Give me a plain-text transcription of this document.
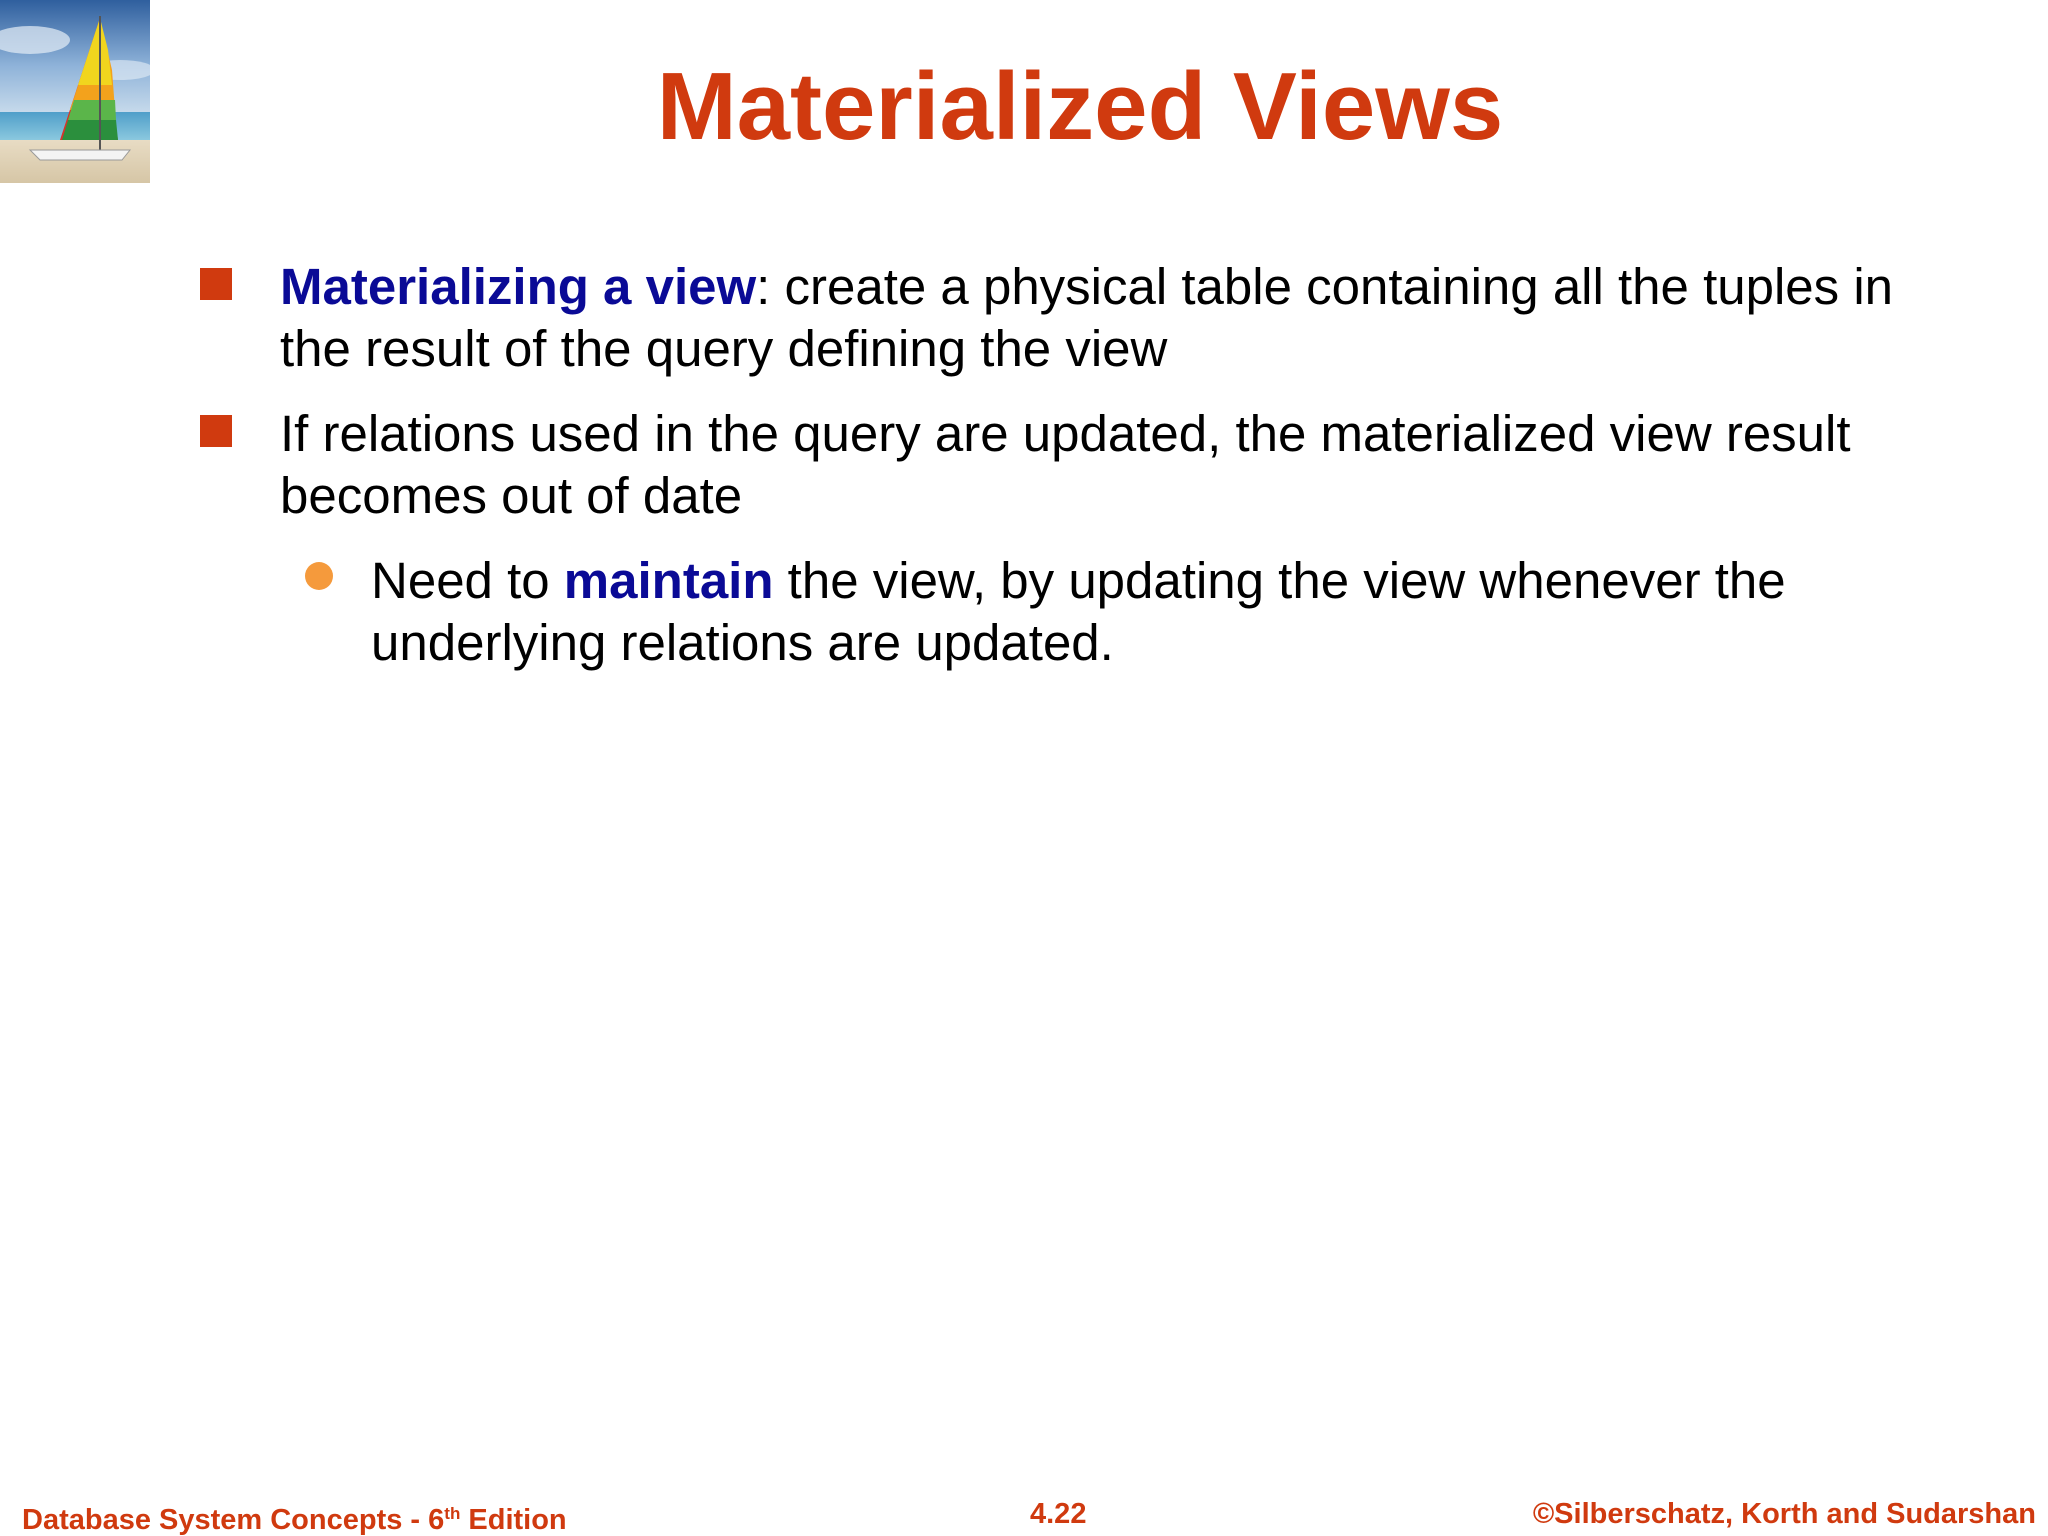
Materialized Views
Materializing a view: create a physical table containing all the tuples in the result of the query defining the view
If relations used in the query are updated, the materialized view result becomes out of date
Need to maintain the view, by updating the view whenever the underlying relations are updated.
Database System Concepts - 6th Edition	4.22	©Silberschatz, Korth and Sudarshan
